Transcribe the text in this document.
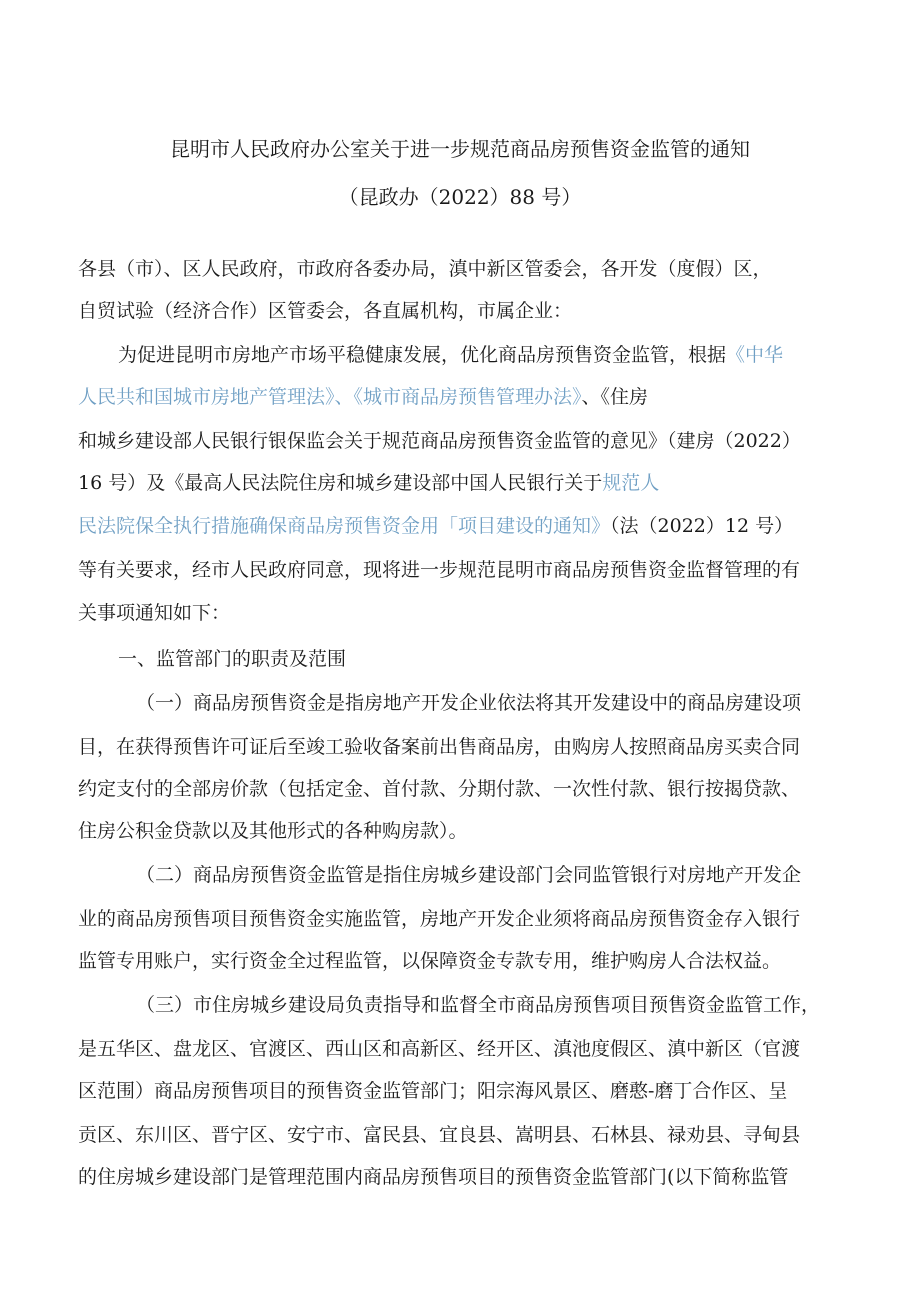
昆明市人民政府办公室关于进一步规范商品房预售资金监管的通知
（昆政办（2022）88 号）
各县（市）、区人民政府，市政府各委办局，滇中新区管委会，各开发（度假）区，
自贸试验（经济合作）区管委会，各直属机构，市属企业：
为促进昆明市房地产市场平稳健康发展，优化商品房预售资金监管，根据《中华
人民共和国城市房地产管理法》、《城市商品房预售管理办法》、《住房
和城乡建设部人民银行银保监会关于规范商品房预售资金监管的意见》（建房（2022）
16 号）及《最高人民法院住房和城乡建设部中国人民银行关于规范人
民法院保全执行措施确保商品房预售资金用「项目建设的通知》（法（2022）12 号）
等有关要求，经市人民政府同意，现将进一步规范昆明市商品房预售资金监督管理的有
关事项通知如下：
一、监管部门的职责及范围
（一）商品房预售资金是指房地产开发企业依法将其开发建设中的商品房建设项
目，在获得预售许可证后至竣工验收备案前出售商品房，由购房人按照商品房买卖合同
约定支付的全部房价款（包括定金、首付款、分期付款、一次性付款、银行按揭贷款、
住房公积金贷款以及其他形式的各种购房款）。
（二）商品房预售资金监管是指住房城乡建设部门会同监管银行对房地产开发企
业的商品房预售项目预售资金实施监管，房地产开发企业须将商品房预售资金存入银行
监管专用账户，实行资金全过程监管，以保障资金专款专用，维护购房人合法权益。
（三）市住房城乡建设局负责指导和监督全市商品房预售项目预售资金监管工作，
是五华区、盘龙区、官渡区、西山区和高新区、经开区、滇池度假区、滇中新区（官渡
区范围）商品房预售项目的预售资金监管部门；阳宗海风景区、磨憨-磨丁合作区、呈
贡区、东川区、晋宁区、安宁市、富民县、宜良县、嵩明县、石林县、禄劝县、寻甸县
的住房城乡建设部门是管理范围内商品房预售项目的预售资金监管部门(以下简称监管
